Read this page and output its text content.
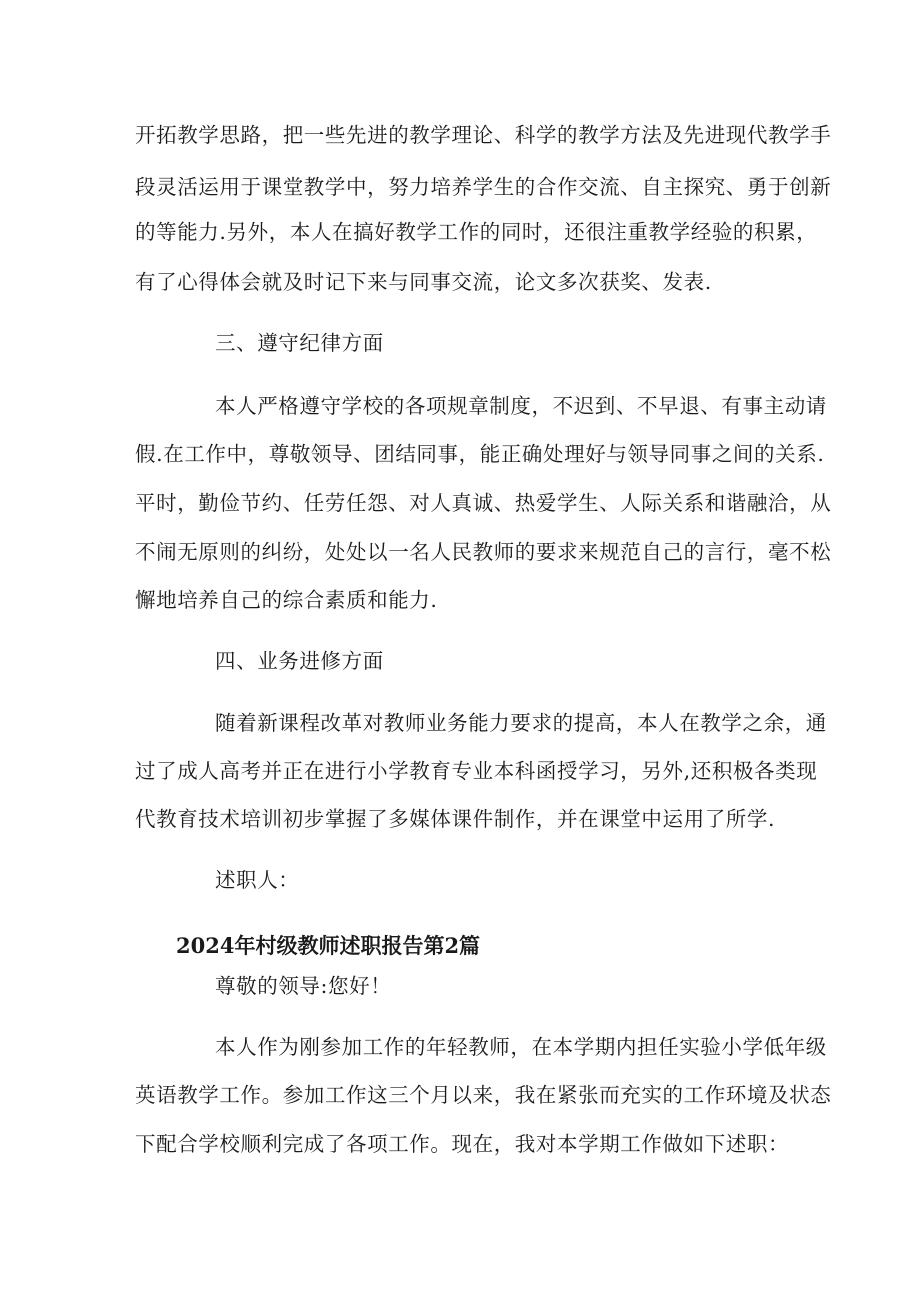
开拓教学思路，把一些先进的教学理论、科学的教学方法及先进现代教学手
段灵活运用于课堂教学中，努力培养学生的合作交流、自主探究、勇于创新
的等能力.另外，本人在搞好教学工作的同时，还很注重教学经验的积累，
有了心得体会就及时记下来与同事交流，论文多次获奖、发表.
三、遵守纪律方面
本人严格遵守学校的各项规章制度，不迟到、不早退、有事主动请
假.在工作中，尊敬领导、团结同事，能正确处理好与领导同事之间的关系.
平时，勤俭节约、任劳任怨、对人真诚、热爱学生、人际关系和谐融洽，从
不闹无原则的纠纷，处处以一名人民教师的要求来规范自己的言行，毫不松
懈地培养自己的综合素质和能力.
四、业务进修方面
随着新课程改革对教师业务能力要求的提高，本人在教学之余，通
过了成人高考并正在进行小学教育专业本科函授学习，另外,还积极各类现
代教育技术培训初步掌握了多媒体课件制作，并在课堂中运用了所学.
述职人：
2024年村级教师述职报告第2篇
尊敬的领导:您好！
本人作为刚参加工作的年轻教师，在本学期内担任实验小学低年级
英语教学工作。参加工作这三个月以来，我在紧张而充实的工作环境及状态
下配合学校顺利完成了各项工作。现在，我对本学期工作做如下述职：
